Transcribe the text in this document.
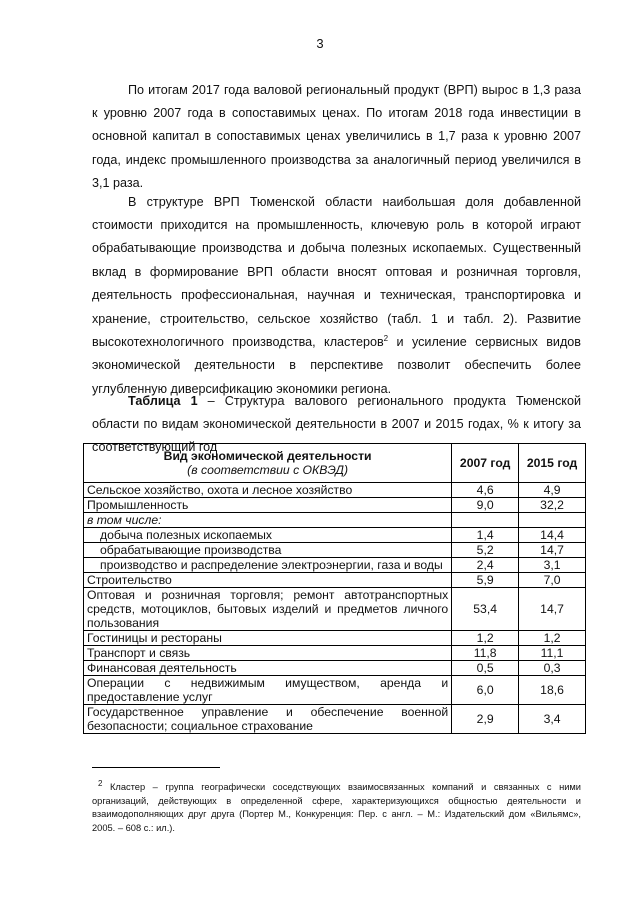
3

По итогам 2017 года валовой региональный продукт (ВРП) вырос в 1,3 раза к уровню 2007 года в сопоставимых ценах. По итогам 2018 года инвестиции в основной капитал в сопоставимых ценах увеличились в 1,7 раза к уровню 2007 года, индекс промышленного производства за аналогичный период увеличился в 3,1 раза.

В структуре ВРП Тюменской области наибольшая доля добавленной стоимости приходится на промышленность, ключевую роль в которой играют обрабатывающие производства и добыча полезных ископаемых. Существенный вклад в формирование ВРП области вносят оптовая и розничная торговля, деятельность профессиональная, научная и техническая, транспортировка и хранение, строительство, сельское хозяйство (табл. 1 и табл. 2). Развитие высокотехнологичного производства, кластеров$^2$ и усиление сервисных видов экономической деятельности в перспективе позволит обеспечить более углубленную диверсификацию экономики региона.

Таблица 1 – Структура валового регионального продукта Тюменской области по видам экономической деятельности в 2007 и 2015 годах, % к итогу за соответствующий год

Вид экономической деятельности
(в соответствии с ОКВЭД)	2007 год	2015 год
Сельское хозяйство, охота и лесное хозяйство	4,6	4,9
Промышленность	9,0	32,2
в том числе:		
добыча полезных ископаемых	1,4	14,4
обрабатывающие производства	5,2	14,7
производство и распределение электроэнергии, газа и воды	2,4	3,1
Строительство	5,9	7,0
Оптовая и розничная торговля; ремонт автотранспортных средств, мотоциклов, бытовых изделий и предметов личного пользования	53,4	14,7
Гостиницы и рестораны	1,2	1,2
Транспорт и связь	11,8	11,1
Финансовая деятельность	0,5	0,3
Операции с недвижимым имуществом, аренда и предоставление услуг	6,0	18,6
Государственное управление и обеспечение военной безопасности; социальное страхование	2,9	3,4

$^2$ Кластер – группа географически соседствующих взаимосвязанных компаний и связанных с ними организаций, действующих в определенной сфере, характеризующихся общностью деятельности и взаимодополняющих друг друга (Портер М., Конкуренция: Пер. с англ. – М.: Издательский дом «Вильямс», 2005. – 608 с.: ил.).
